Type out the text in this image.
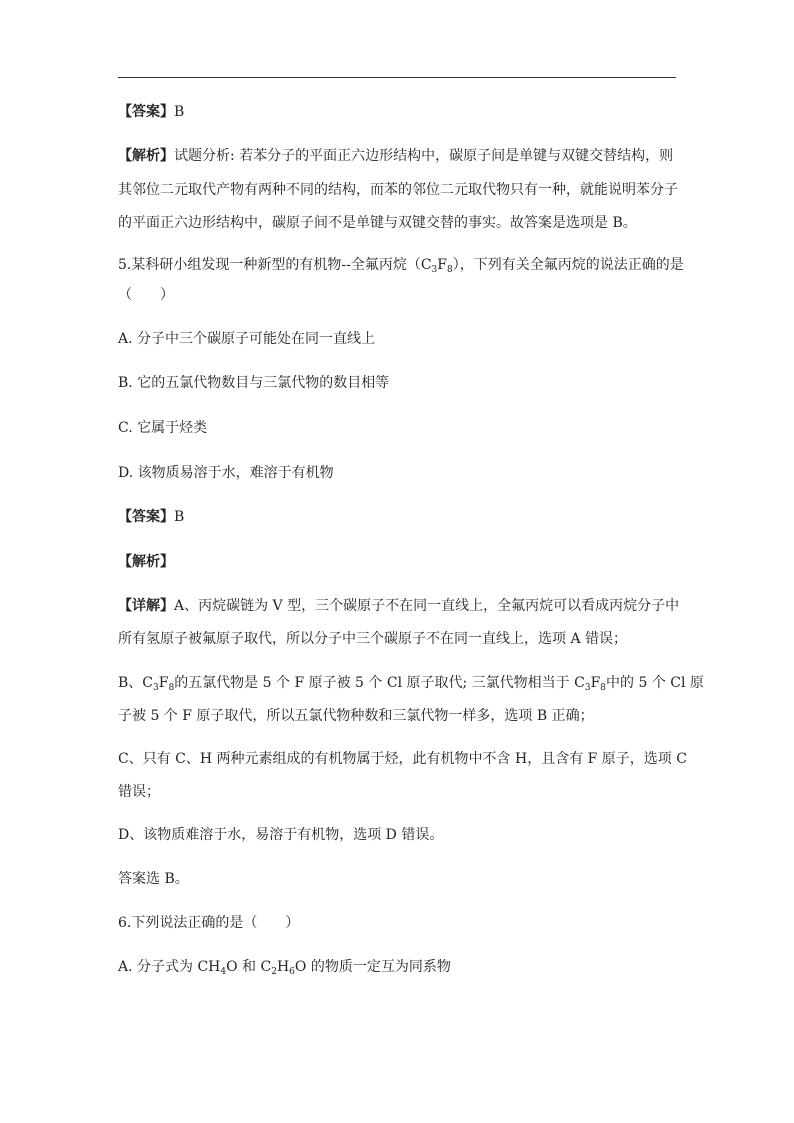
【答案】B
【解析】试题分析: 若苯分子的平面正六边形结构中，碳原子间是单键与双键交替结构，则
其邻位二元取代产物有两种不同的结构，而苯的邻位二元取代物只有一种，就能说明苯分子
的平面正六边形结构中，碳原子间不是单键与双键交替的事实。故答案是选项是 B。
5.某科研小组发现一种新型的有机物--全氟丙烷$(C_3F_8)$，下列有关全氟丙烷的说法正确的是
（　　）
A. 分子中三个碳原子可能处在同一直线上
B. 它的五氯代物数目与三氯代物的数目相等
C. 它属于烃类
D. 该物质易溶于水，难溶于有机物
【答案】B
【解析】
【详解】A、丙烷碳链为 V 型，三个碳原子不在同一直线上，全氟丙烷可以看成丙烷分子中
所有氢原子被氟原子取代，所以分子中三个碳原子不在同一直线上，选项 A 错误；
B、$C_3F_8$的五氯代物是 5 个 F 原子被 5 个 Cl 原子取代; 三氯代物相当于 $C_3F_8$中的 5 个 Cl 原
子被 5 个 F 原子取代，所以五氯代物种数和三氯代物一样多，选项 B 正确；
C、只有 C、H 两种元素组成的有机物属于烃，此有机物中不含 H，且含有 F 原子，选项 C
错误；
D、该物质难溶于水，易溶于有机物，选项 D 错误。
答案选 B。
6.下列说法正确的是（　　）
A. 分子式为 $CH_4O$ 和 $C_2H_6O$ 的物质一定互为同系物
